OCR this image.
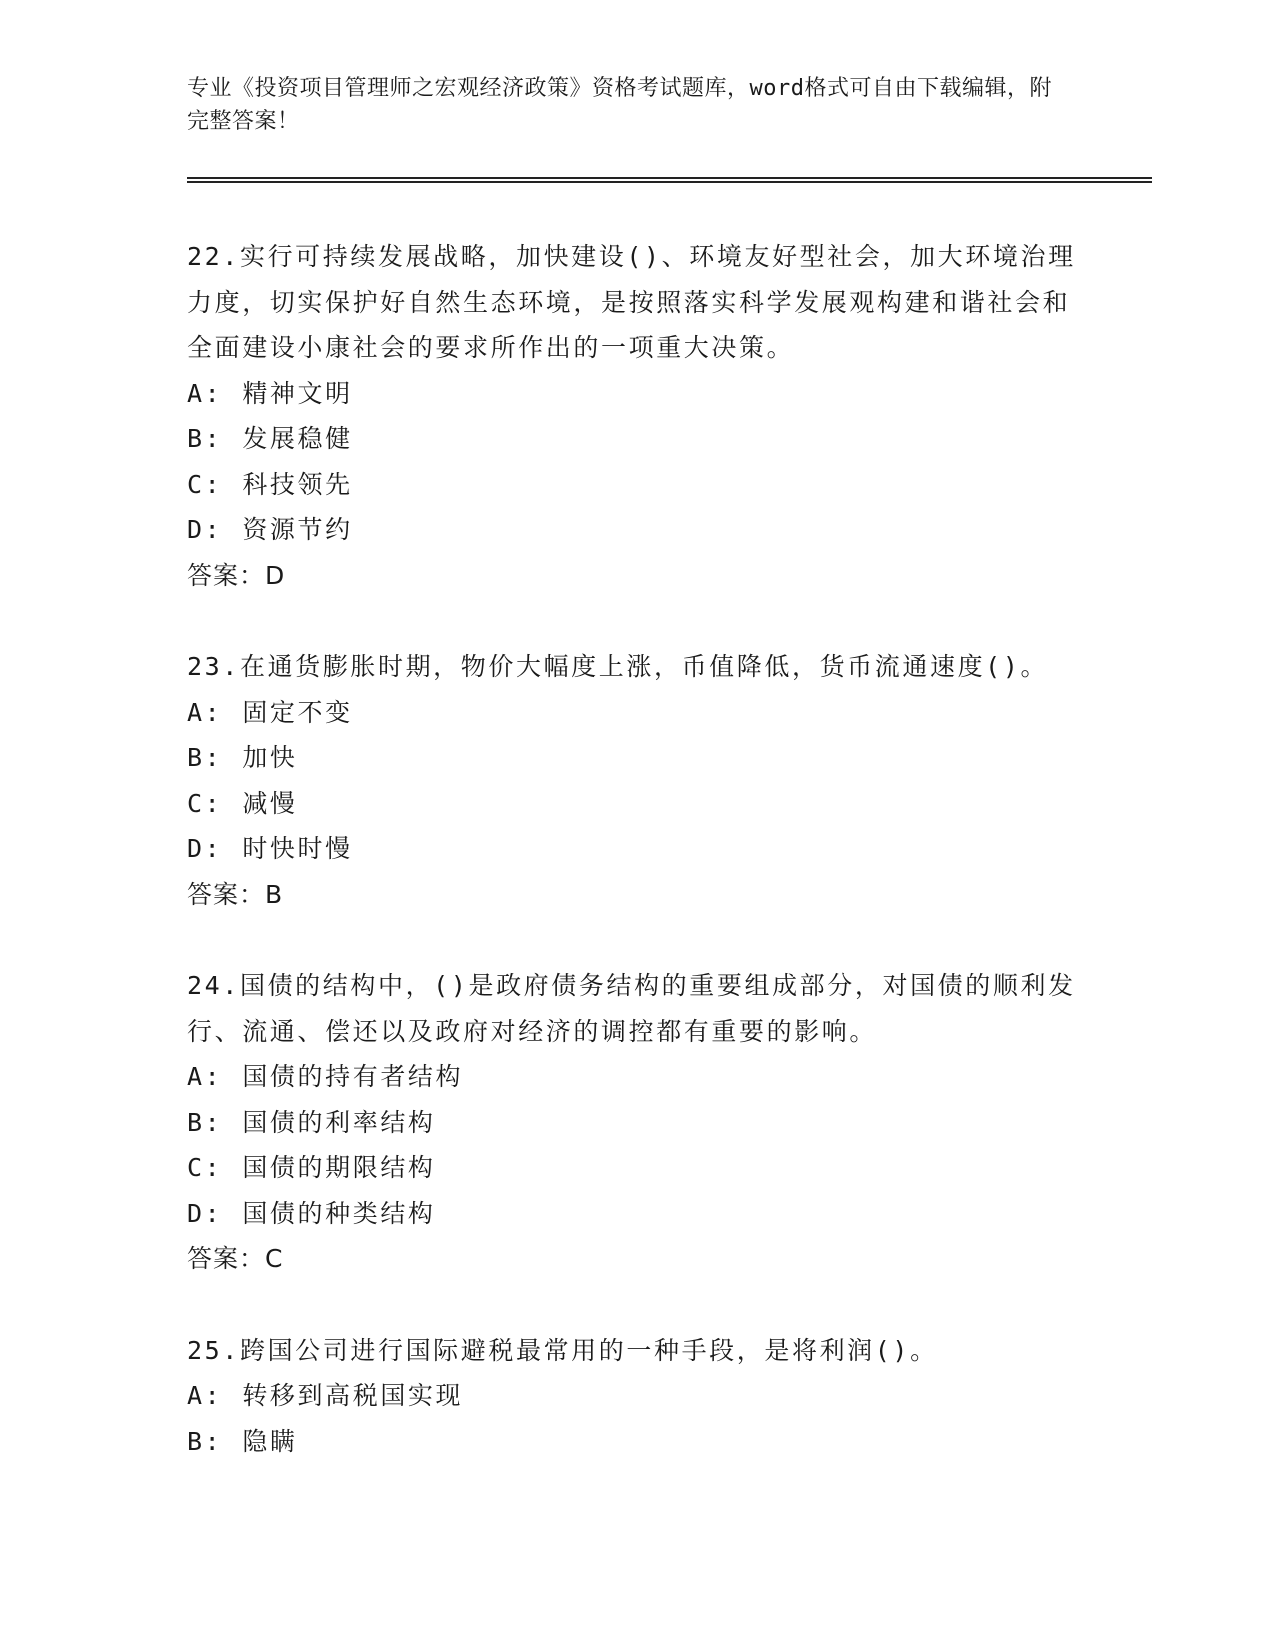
专业《投资项目管理师之宏观经济政策》资格考试题库，word格式可自由下载编辑，附完整答案！
22.实行可持续发展战略，加快建设()、环境友好型社会，加大环境治理力度，切实保护好自然生态环境，是按照落实科学发展观构建和谐社会和全面建设小康社会的要求所作出的一项重大决策。
A: 精神文明
B: 发展稳健
C: 科技领先
D: 资源节约
答案：D
23.在通货膨胀时期，物价大幅度上涨，币值降低，货币流通速度()。
A: 固定不变
B: 加快
C: 减慢
D: 时快时慢
答案：B
24.国债的结构中，()是政府债务结构的重要组成部分，对国债的顺利发行、流通、偿还以及政府对经济的调控都有重要的影响。
A: 国债的持有者结构
B: 国债的利率结构
C: 国债的期限结构
D: 国债的种类结构
答案：C
25.跨国公司进行国际避税最常用的一种手段，是将利润()。
A: 转移到高税国实现
B: 隐瞒
